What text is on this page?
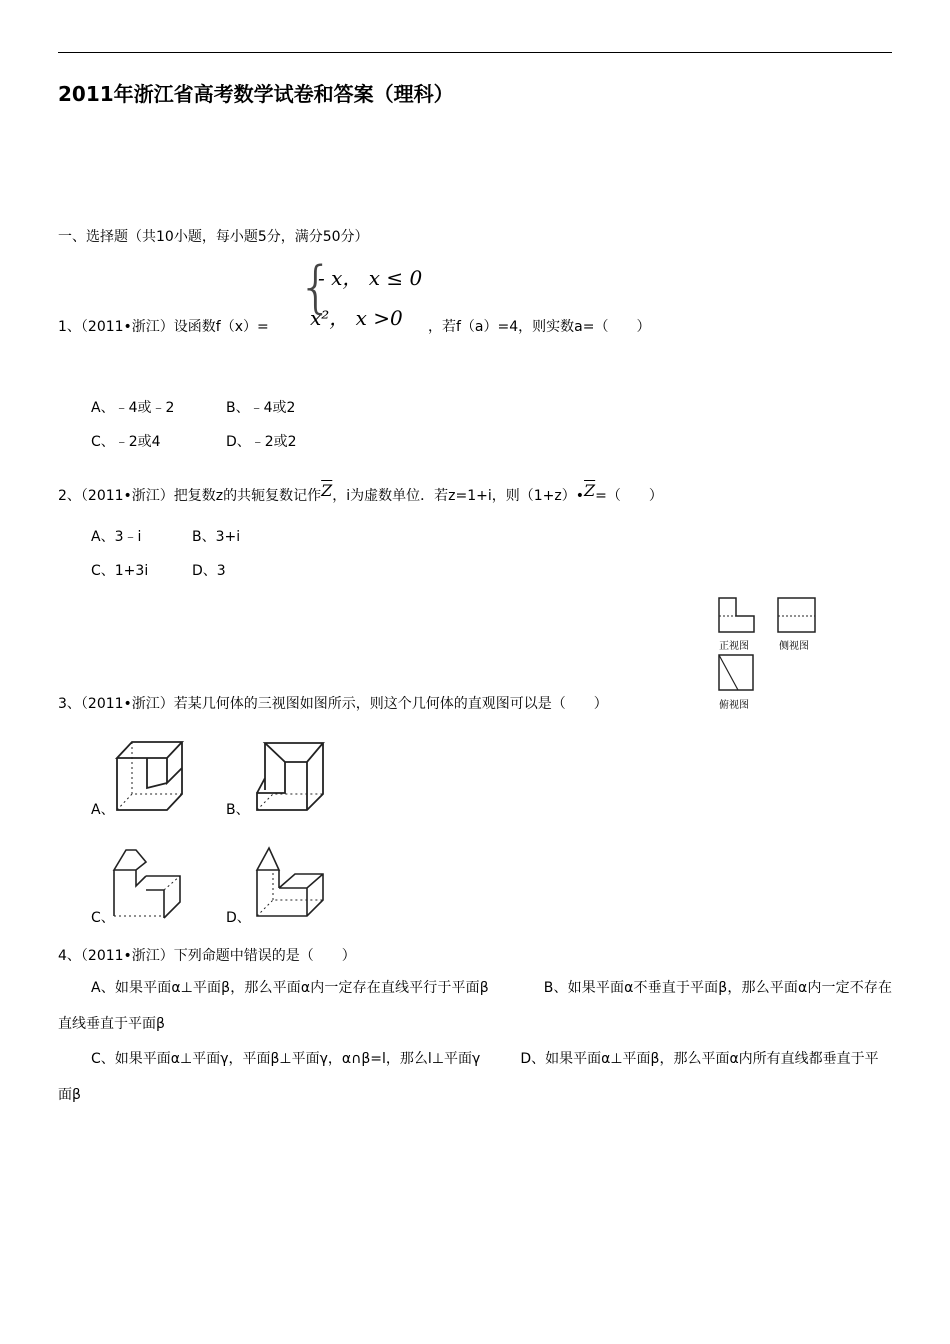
2011年浙江省高考数学试卷和答案（理科）
一、选择题（共10小题，每小题5分，满分50分）
1、（2011•浙江）设函数f（x）=
{
- x， x ≤ 0
x²， x >0 ，若f（a）=4，则实数a=（　　）
A、﹣4或﹣2	B、﹣4或2
C、﹣2或4	D、﹣2或2
2、（2011•浙江）把复数z的共轭复数记作$\overline{Z}$，i为虚数单位．若z=1+i，则$(1+z)•\overline{Z}=$（　　）
A、3﹣i	B、3+i
C、1+3i	D、3
正视图	侧视图
俯视图
3、（2011•浙江）若某几何体的三视图如图所示，则这个几何体的直观图可以是（　　）
A、	B、
C、	D、
4、（2011•浙江）下列命题中错误的是（　　）
A、如果平面α⊥平面β，那么平面α内一定存在直线平行于平面β	B、如果平面α不垂直于平面β，那么平面α内一定不存在直线垂直于平面β
C、如果平面α⊥平面γ，平面β⊥平面γ，α∩β=l，那么l⊥平面γ	D、如果平面α⊥平面β，那么平面α内所有直线都垂直于平面β
